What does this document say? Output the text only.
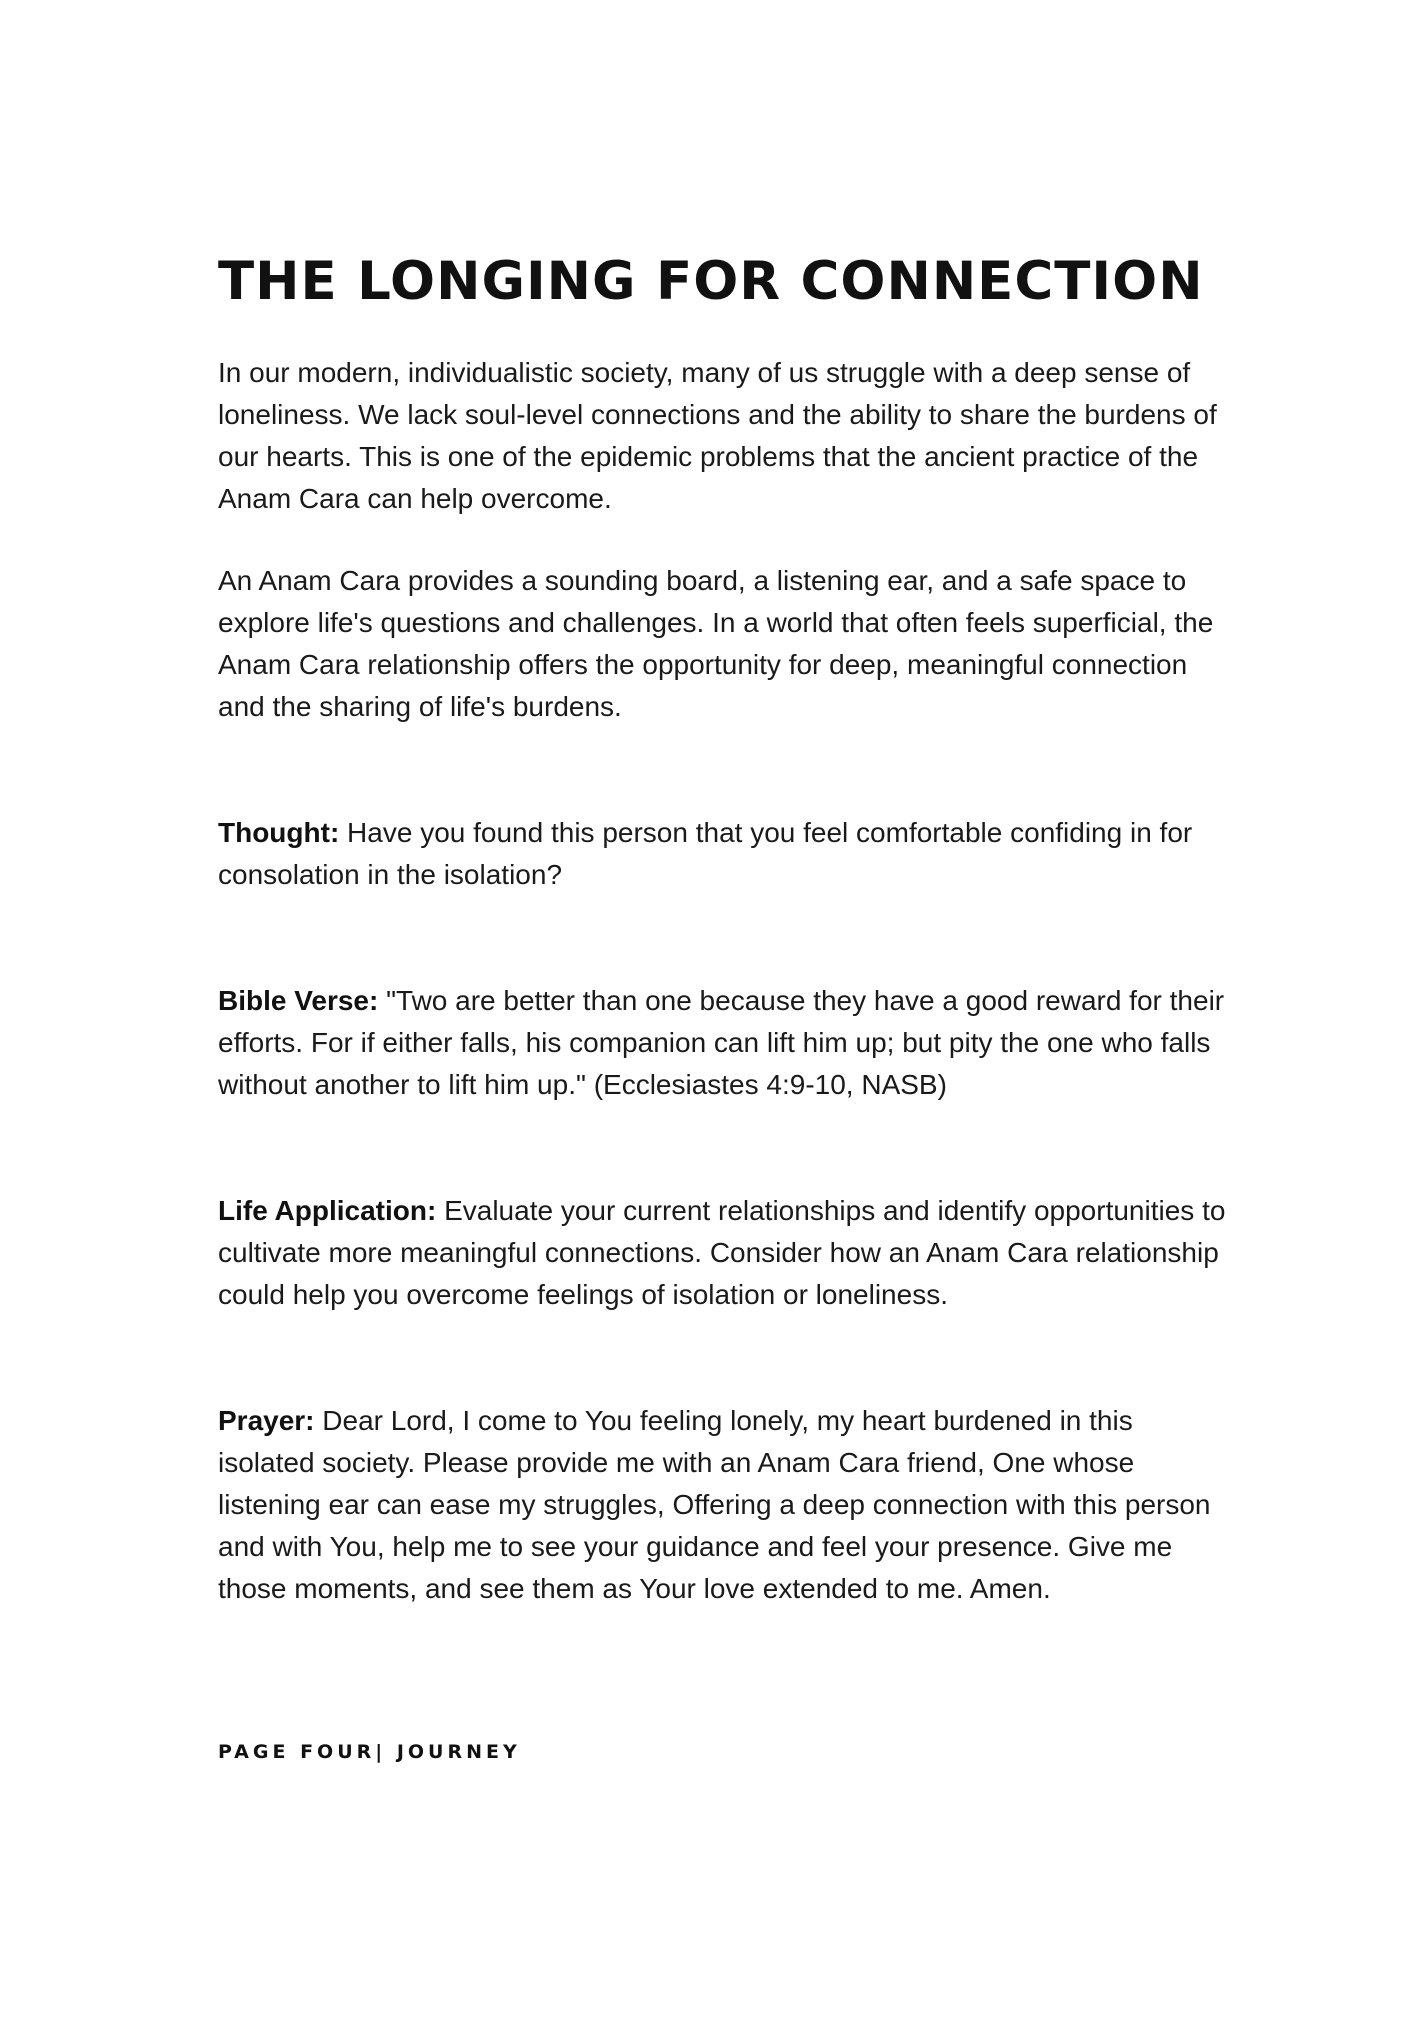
THE LONGING FOR CONNECTION

In our modern, individualistic society, many of us struggle with a deep sense of loneliness. We lack soul-level connections and the ability to share the burdens of our hearts. This is one of the epidemic problems that the ancient practice of the Anam Cara can help overcome.

An Anam Cara provides a sounding board, a listening ear, and a safe space to explore life's questions and challenges. In a world that often feels superficial, the Anam Cara relationship offers the opportunity for deep, meaningful connection and the sharing of life's burdens.

Thought: Have you found this person that you feel comfortable confiding in for consolation in the isolation?

Bible Verse: "Two are better than one because they have a good reward for their efforts. For if either falls, his companion can lift him up; but pity the one who falls without another to lift him up." (Ecclesiastes 4:9-10, NASB)

Life Application: Evaluate your current relationships and identify opportunities to cultivate more meaningful connections. Consider how an Anam Cara relationship could help you overcome feelings of isolation or loneliness.

Prayer: Dear Lord, I come to You feeling lonely, my heart burdened in this isolated society. Please provide me with an Anam Cara friend, One whose listening ear can ease my struggles, Offering a deep connection with this person and with You, help me to see your guidance and feel your presence. Give me those moments, and see them as Your love extended to me. Amen.

PAGE FOUR| JOURNEY
